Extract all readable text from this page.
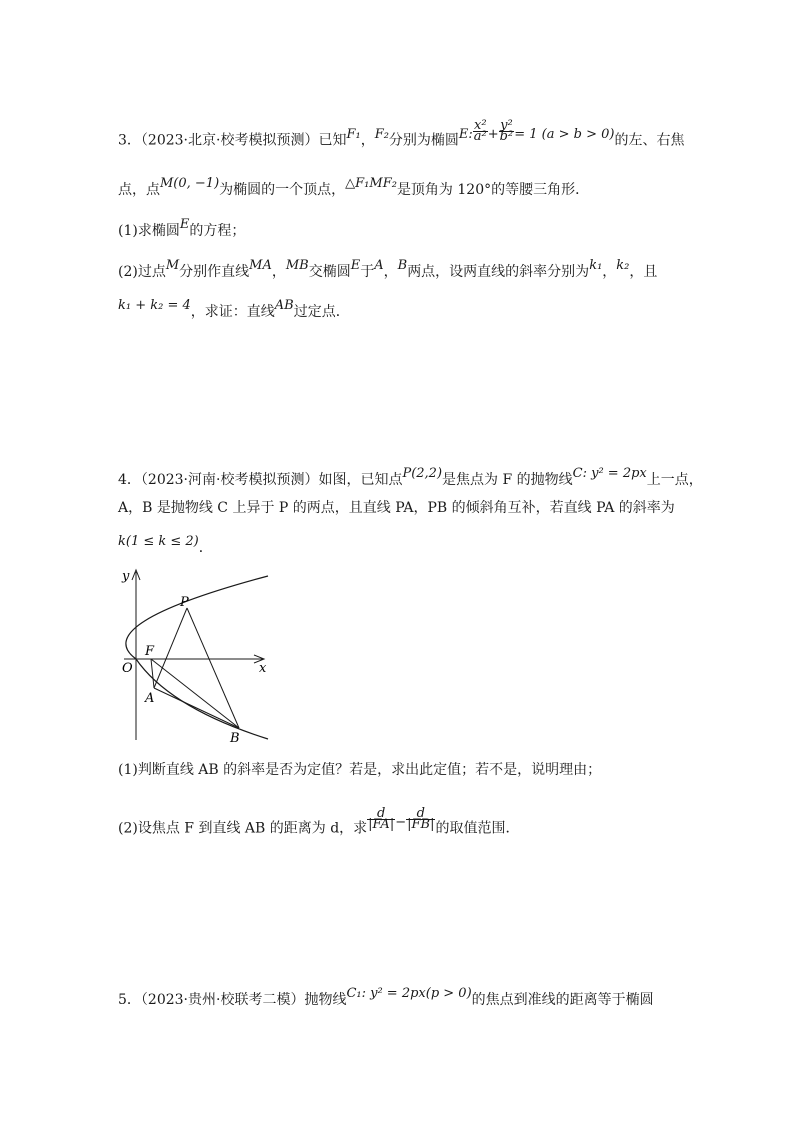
3．（2023·北京·校考模拟预测）已知F₁，F₂分别为椭圆E: $\frac{\text{x²}}{\text{a²}} + \frac{\text{y²}}{\text{b²}} = 1$ (a > b > 0)的左、右焦
点，点M(0, −1)为椭圆的一个顶点，△F₁MF₂是顶角为 120°的等腰三角形．
(1)求椭圆E的方程；
(2)过点M分别作直线MA，MB交椭圆E于A，B两点，设两直线的斜率分别为k₁，k₂，且
k₁ + k₂ = 4，求证：直线AB过定点．
4．（2023·河南·校考模拟预测）如图，已知点P(2,2)是焦点为 F 的抛物线C: y² = 2px上一点，
A，B 是抛物线 C 上异于 P 的两点，且直线 PA，PB 的倾斜角互补，若直线 PA 的斜率为
k(1 ≤ k ≤ 2)．
y
x
O
F
P
A
B
(1)判断直线 AB 的斜率是否为定值？若是，求出此定值；若不是，说明理由；
(2)设焦点 F 到直线 AB 的距离为 d，求 $\frac{d}{|FA|} - \frac{d}{|FB|}$ 的取值范围．
5．（2023·贵州·校联考二模）抛物线C₁: y² = 2px(p > 0)的焦点到准线的距离等于椭圆
